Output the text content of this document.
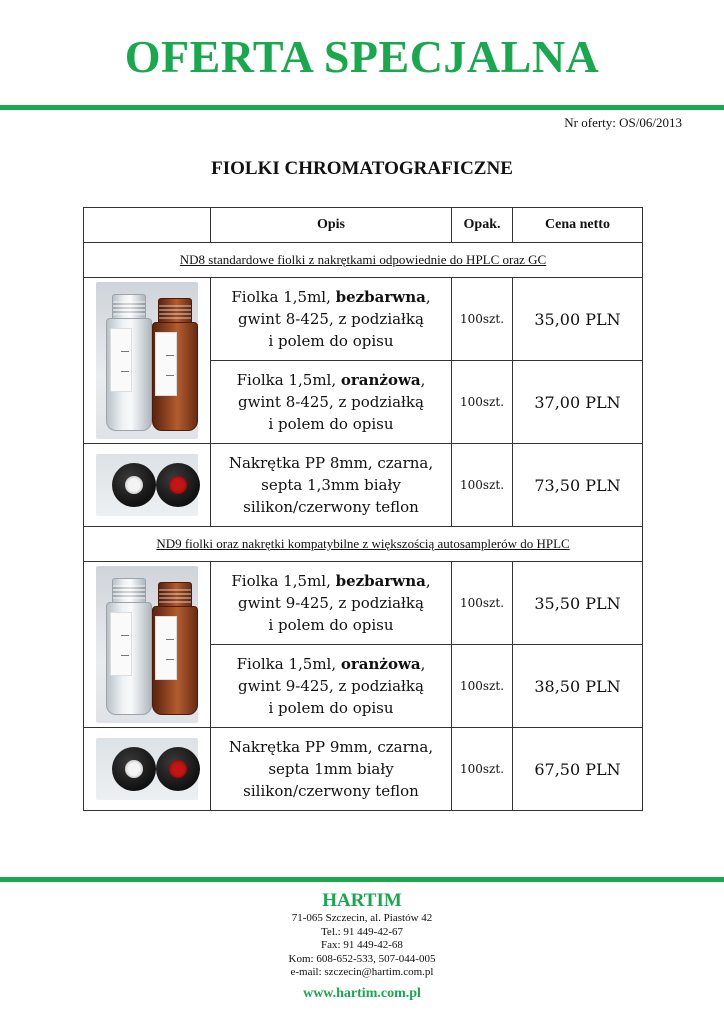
OFERTA SPECJALNA
Nr oferty: OS/06/2013
FIOLKI CHROMATOGRAFICZNE
	Opis	Opak.	Cena netto
ND8 standardowe fiolki z nakrętkami odpowiednie do HPLC oraz GC			

	Fiolka 1,5ml, bezbarwna,
gwint 8-425, z podziałką
i polem do opisu	100szt.	35,00 PLN

	Fiolka 1,5ml, oranżowa,
gwint 8-425, z podziałką
i polem do opisu	100szt.	37,00 PLN

	Nakrętka PP 8mm, czarna,
septa 1,3mm biały
silikon/czerwony teflon	100szt.	73,50 PLN
ND9 fiolki oraz nakrętki kompatybilne z większością autosamplerów do HPLC			

	Fiolka 1,5ml, bezbarwna,
gwint 9-425, z podziałką
i polem do opisu	100szt.	35,50 PLN

	Fiolka 1,5ml, oranżowa,
gwint 9-425, z podziałką
i polem do opisu	100szt.	38,50 PLN

	Nakrętka PP 9mm, czarna,
septa 1mm biały
silikon/czerwony teflon	100szt.	67,50 PLN
HARTIM
71-065 Szczecin, al. Piastów 42
Tel.: 91 449-42-67
Fax: 91 449-42-68
Kom: 608-652-533, 507-044-005
e-mail: szczecin@hartim.com.pl
www.hartim.com.pl
